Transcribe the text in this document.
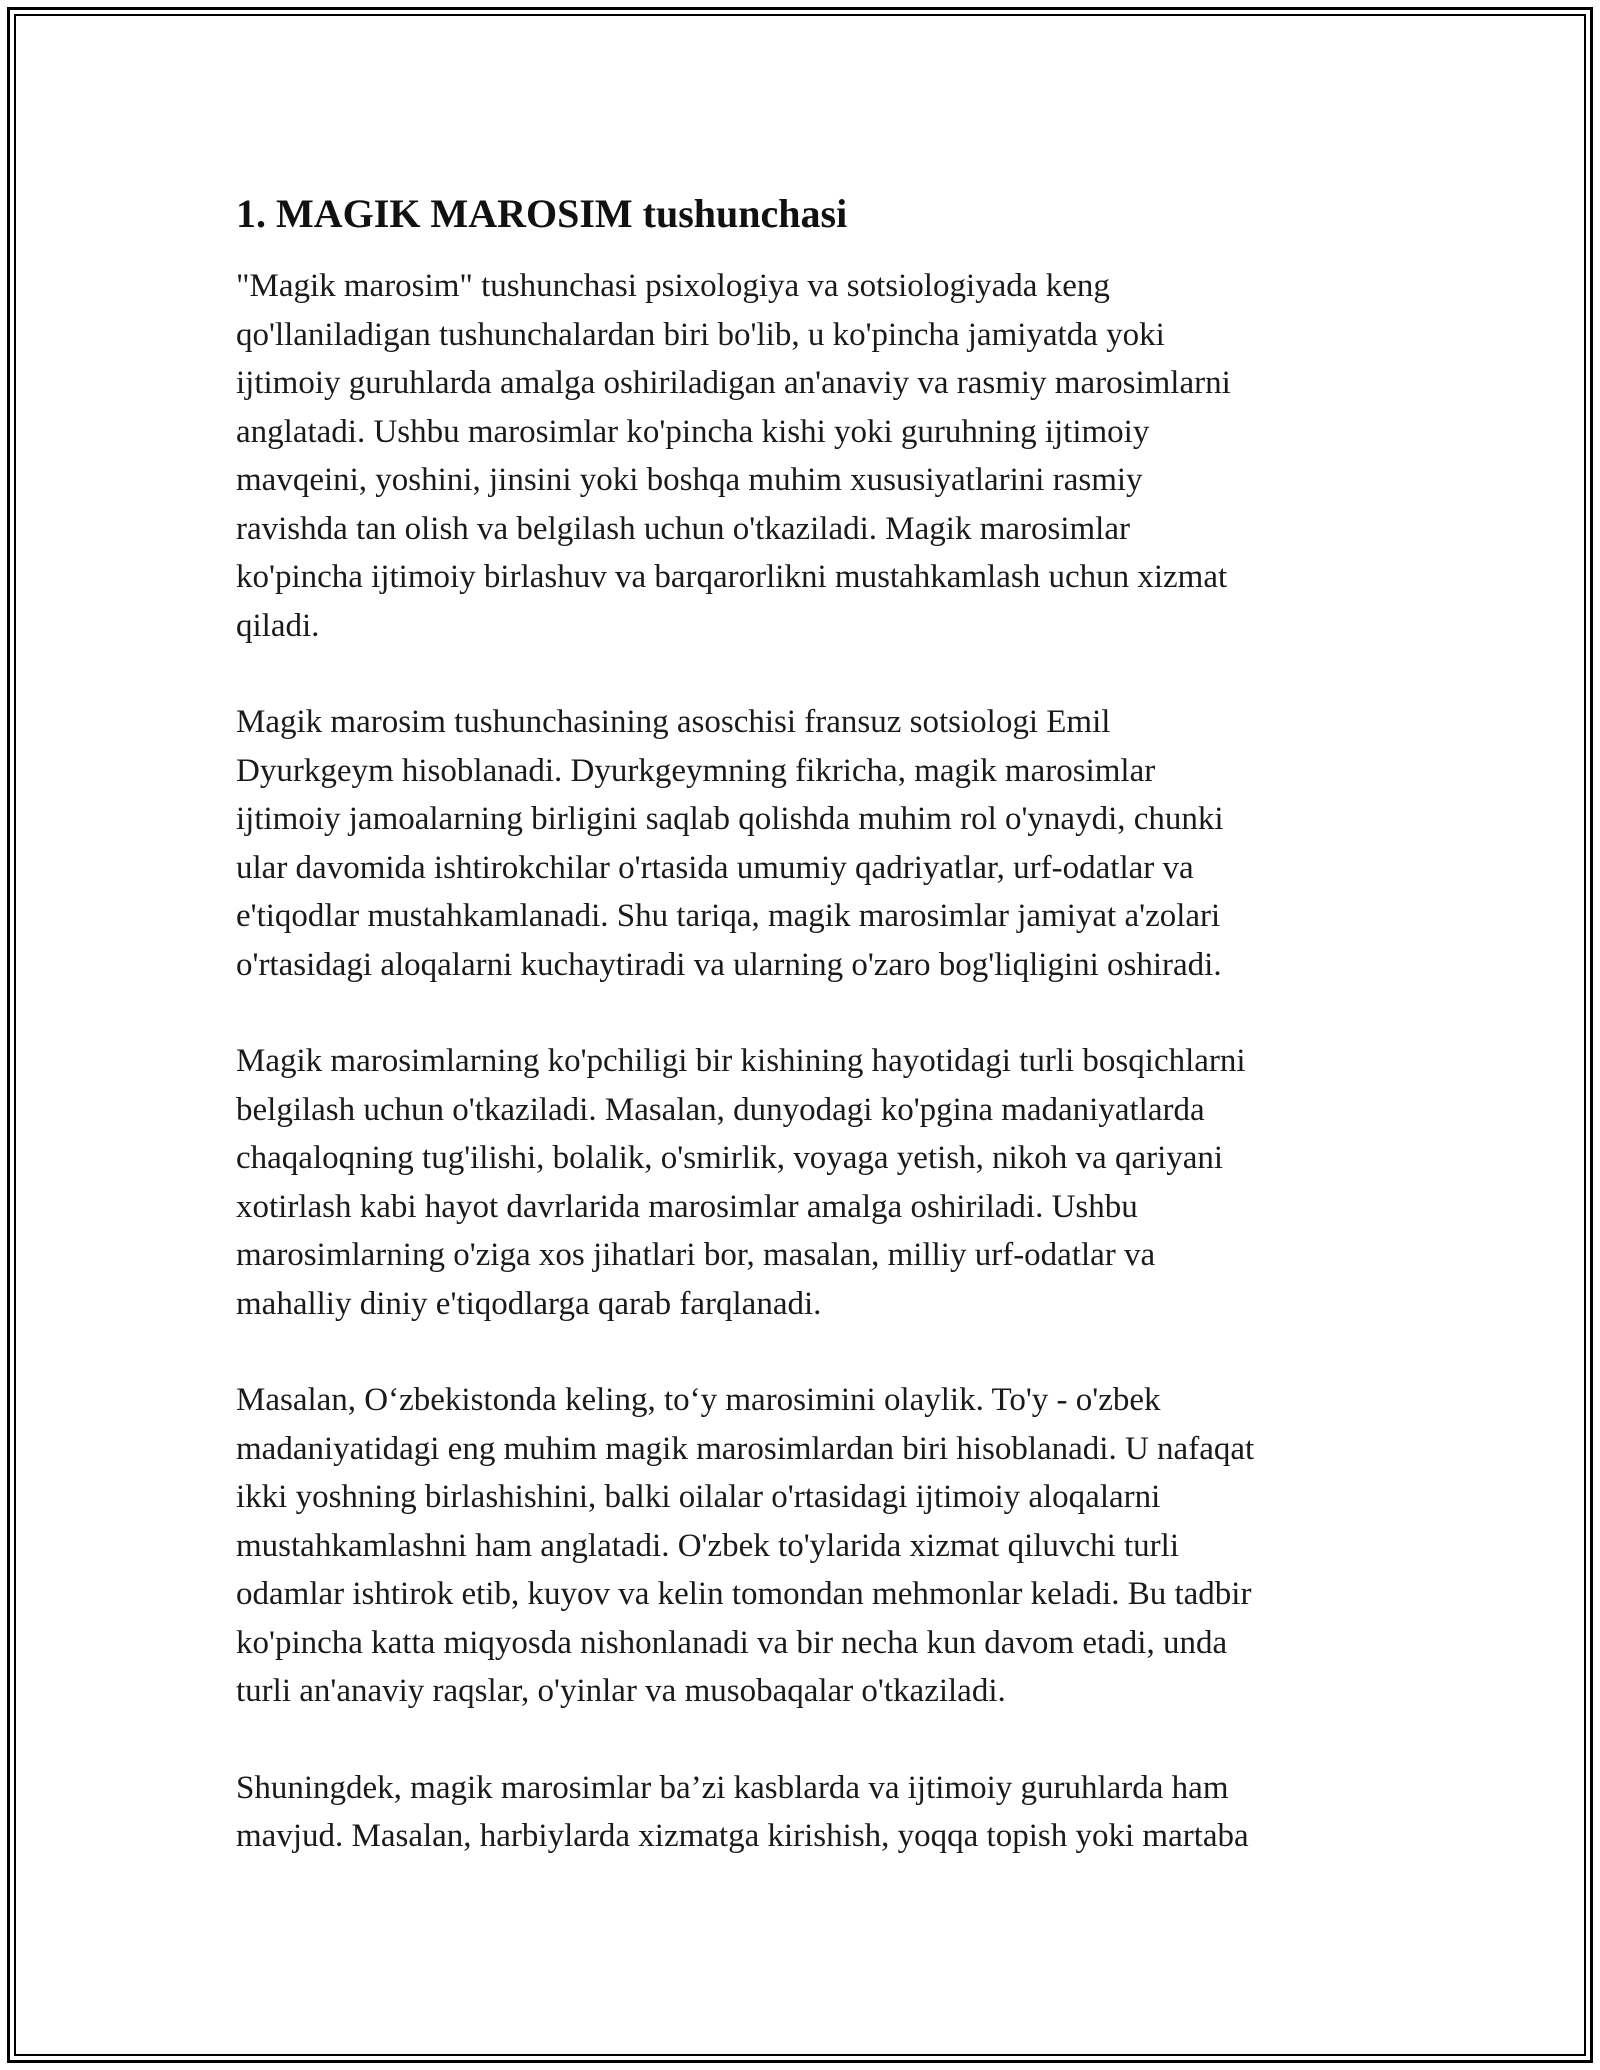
1. MAGIK MAROSIM tushunchasi

"Magik marosim" tushunchasi psixologiya va sotsiologiyada keng
qo'llaniladigan tushunchalardan biri bo'lib, u ko'pincha jamiyatda yoki
ijtimoiy guruhlarda amalga oshiriladigan an'anaviy va rasmiy marosimlarni
anglatadi. Ushbu marosimlar ko'pincha kishi yoki guruhning ijtimoiy
mavqeini, yoshini, jinsini yoki boshqa muhim xususiyatlarini rasmiy
ravishda tan olish va belgilash uchun o'tkaziladi. Magik marosimlar
ko'pincha ijtimoiy birlashuv va barqarorlikni mustahkamlash uchun xizmat
qiladi.

Magik marosim tushunchasining asoschisi fransuz sotsiologi Emil
Dyurkgeym hisoblanadi. Dyurkgeymning fikricha, magik marosimlar
ijtimoiy jamoalarning birligini saqlab qolishda muhim rol o'ynaydi, chunki
ular davomida ishtirokchilar o'rtasida umumiy qadriyatlar, urf-odatlar va
e'tiqodlar mustahkamlanadi. Shu tariqa, magik marosimlar jamiyat a'zolari
o'rtasidagi aloqalarni kuchaytiradi va ularning o'zaro bog'liqligini oshiradi.

Magik marosimlarning ko'pchiligi bir kishining hayotidagi turli bosqichlarni
belgilash uchun o'tkaziladi. Masalan, dunyodagi ko'pgina madaniyatlarda
chaqaloqning tug'ilishi, bolalik, o'smirlik, voyaga yetish, nikoh va qariyani
xotirlash kabi hayot davrlarida marosimlar amalga oshiriladi. Ushbu
marosimlarning o'ziga xos jihatlari bor, masalan, milliy urf-odatlar va
mahalliy diniy e'tiqodlarga qarab farqlanadi.

Masalan, O‘zbekistonda keling, to‘y marosimini olaylik. To'y - o'zbek
madaniyatidagi eng muhim magik marosimlardan biri hisoblanadi. U nafaqat
ikki yoshning birlashishini, balki oilalar o'rtasidagi ijtimoiy aloqalarni
mustahkamlashni ham anglatadi. O'zbek to'ylarida xizmat qiluvchi turli
odamlar ishtirok etib, kuyov va kelin tomondan mehmonlar keladi. Bu tadbir
ko'pincha katta miqyosda nishonlanadi va bir necha kun davom etadi, unda
turli an'anaviy raqslar, o'yinlar va musobaqalar o'tkaziladi.

Shuningdek, magik marosimlar ba’zi kasblarda va ijtimoiy guruhlarda ham
mavjud. Masalan, harbiylarda xizmatga kirishish, yoqqa topish yoki martaba
